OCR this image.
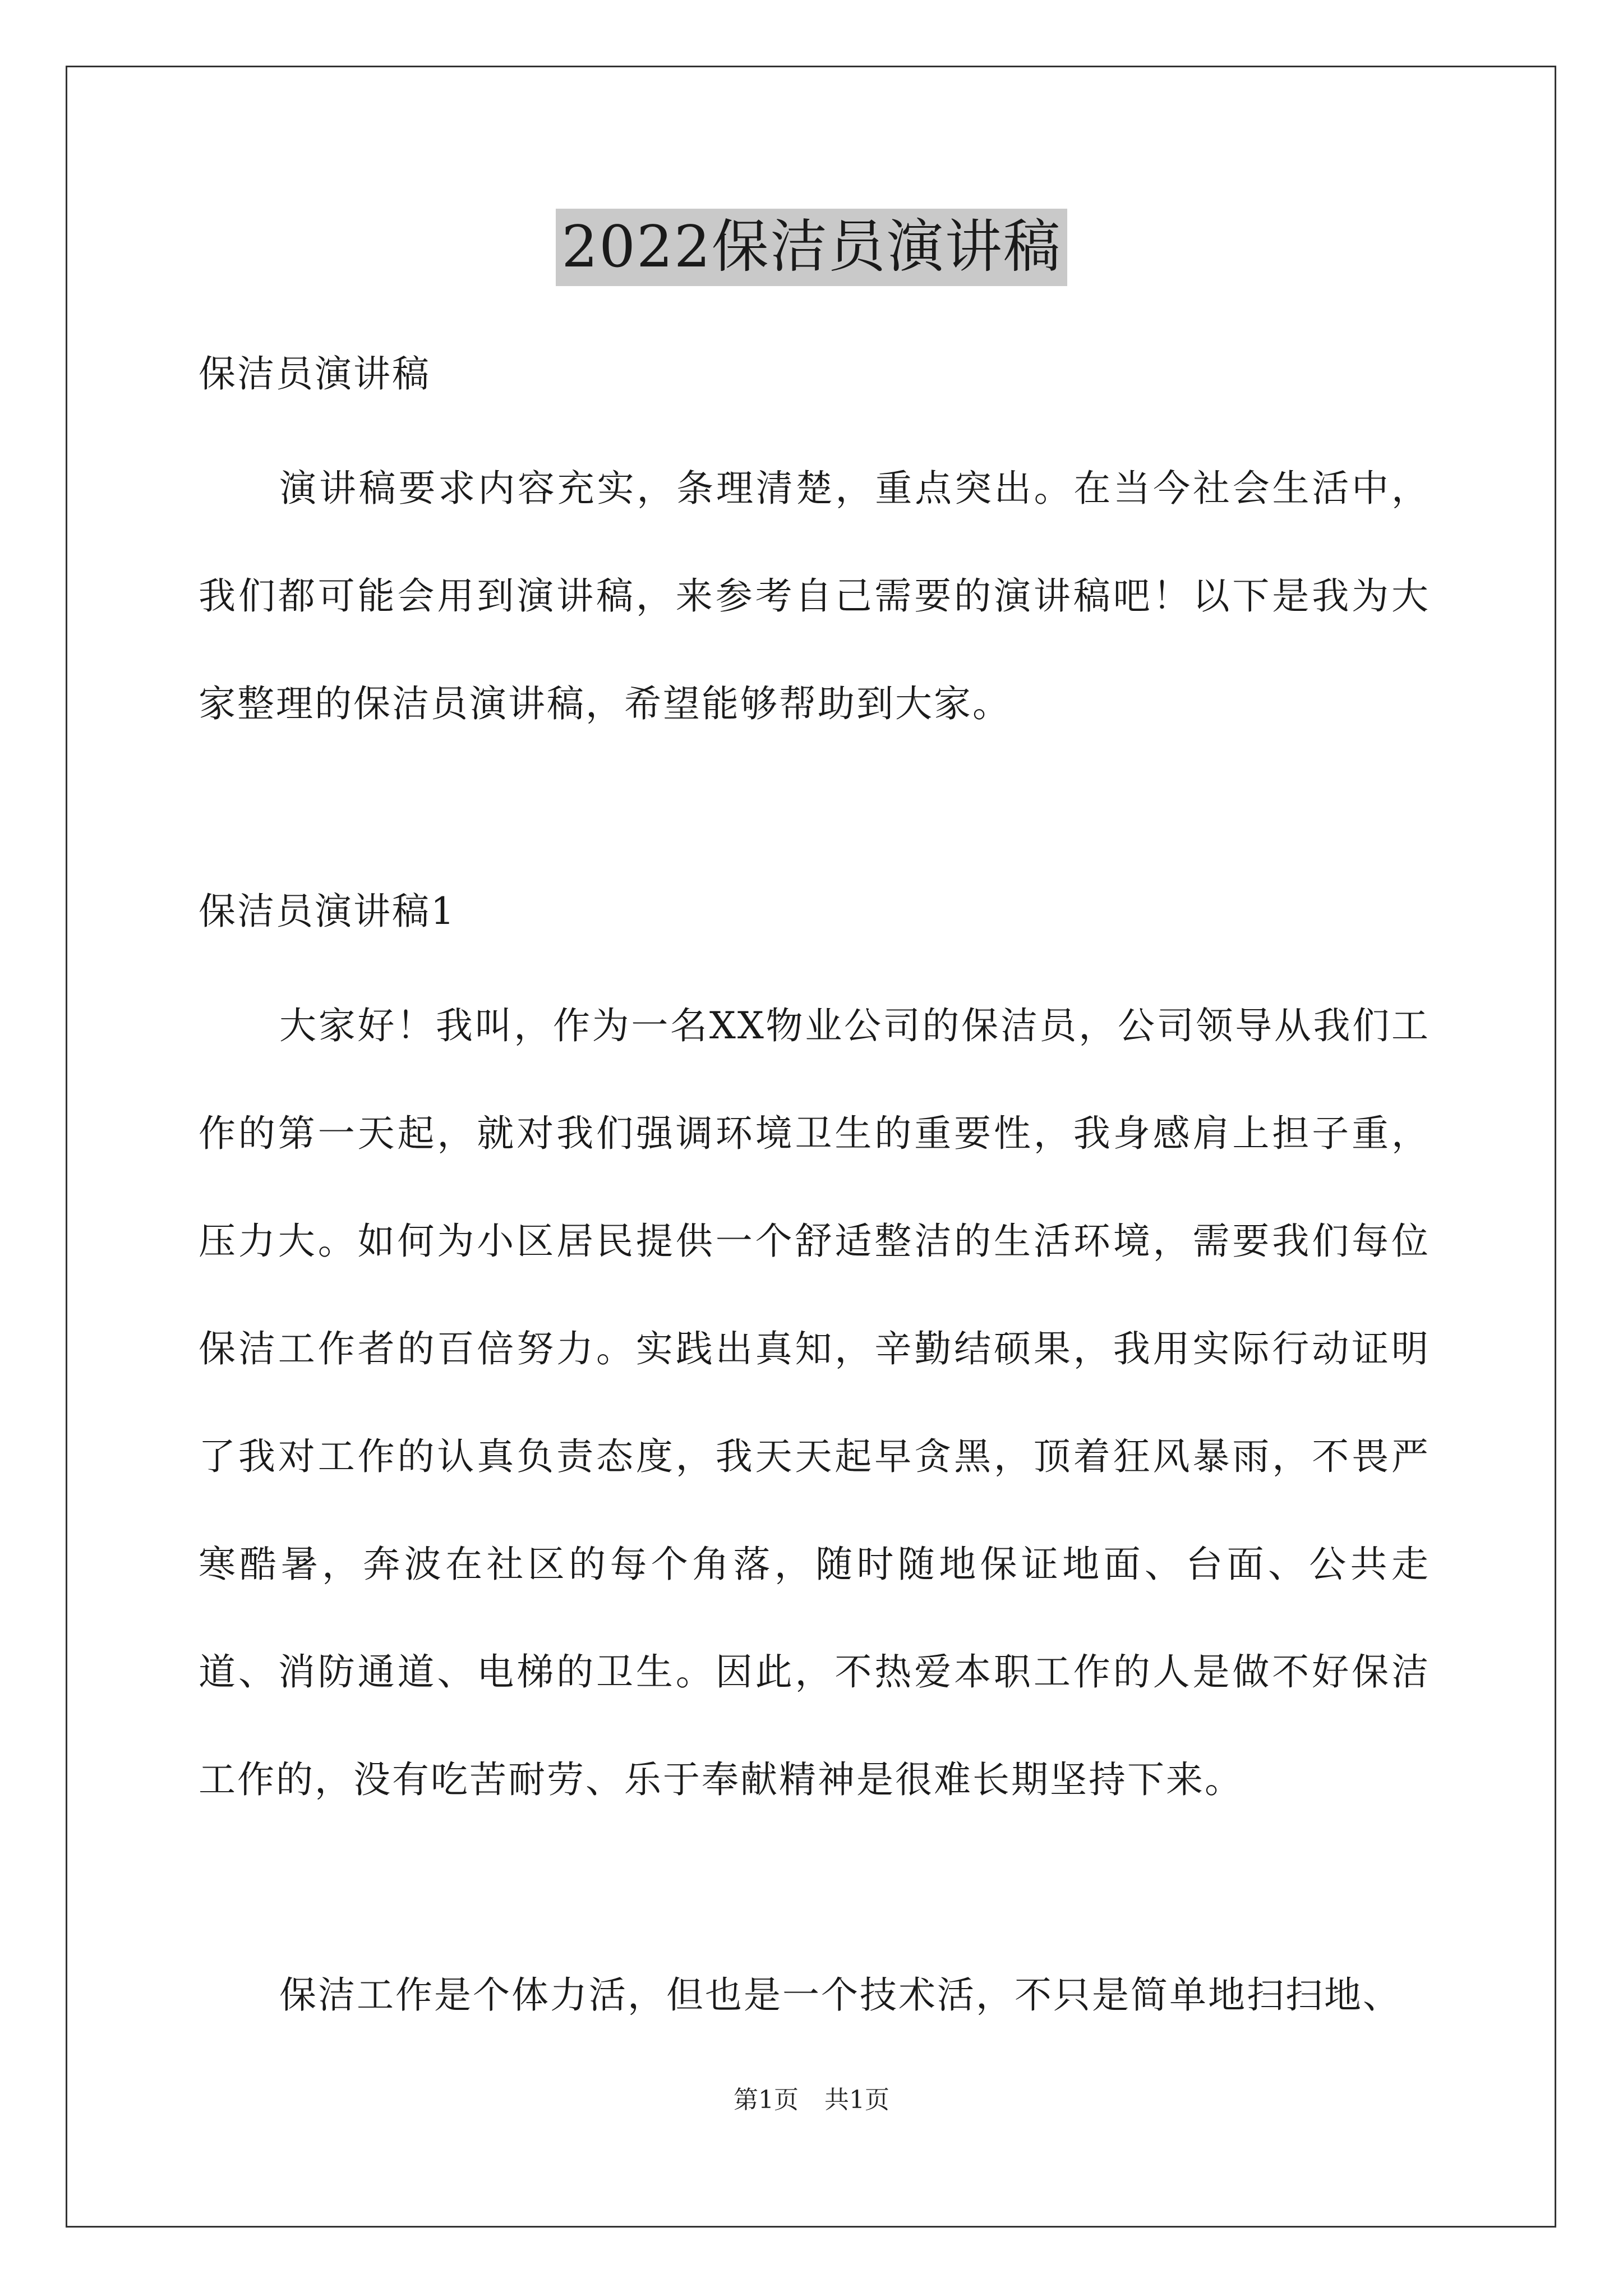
2022保洁员演讲稿
保洁员演讲稿
演讲稿要求内容充实，条理清楚，重点突出。在当今社会生活中，我们都可能会用到演讲稿，来参考自己需要的演讲稿吧！以下是我为大家整理的保洁员演讲稿，希望能够帮助到大家。
保洁员演讲稿1
大家好！我叫，作为一名XX物业公司的保洁员，公司领导从我们工作的第一天起，就对我们强调环境卫生的重要性，我身感肩上担子重，压力大。如何为小区居民提供一个舒适整洁的生活环境，需要我们每位保洁工作者的百倍努力。实践出真知，辛勤结硕果，我用实际行动证明了我对工作的认真负责态度，我天天起早贪黑，顶着狂风暴雨，不畏严寒酷暑，奔波在社区的每个角落，随时随地保证地面、台面、公共走道、消防通道、电梯的卫生。因此，不热爱本职工作的人是做不好保洁工作的，没有吃苦耐劳、乐于奉献精神是很难长期坚持下来。
保洁工作是个体力活，但也是一个技术活，不只是简单地扫扫地、
第1页 共1页
